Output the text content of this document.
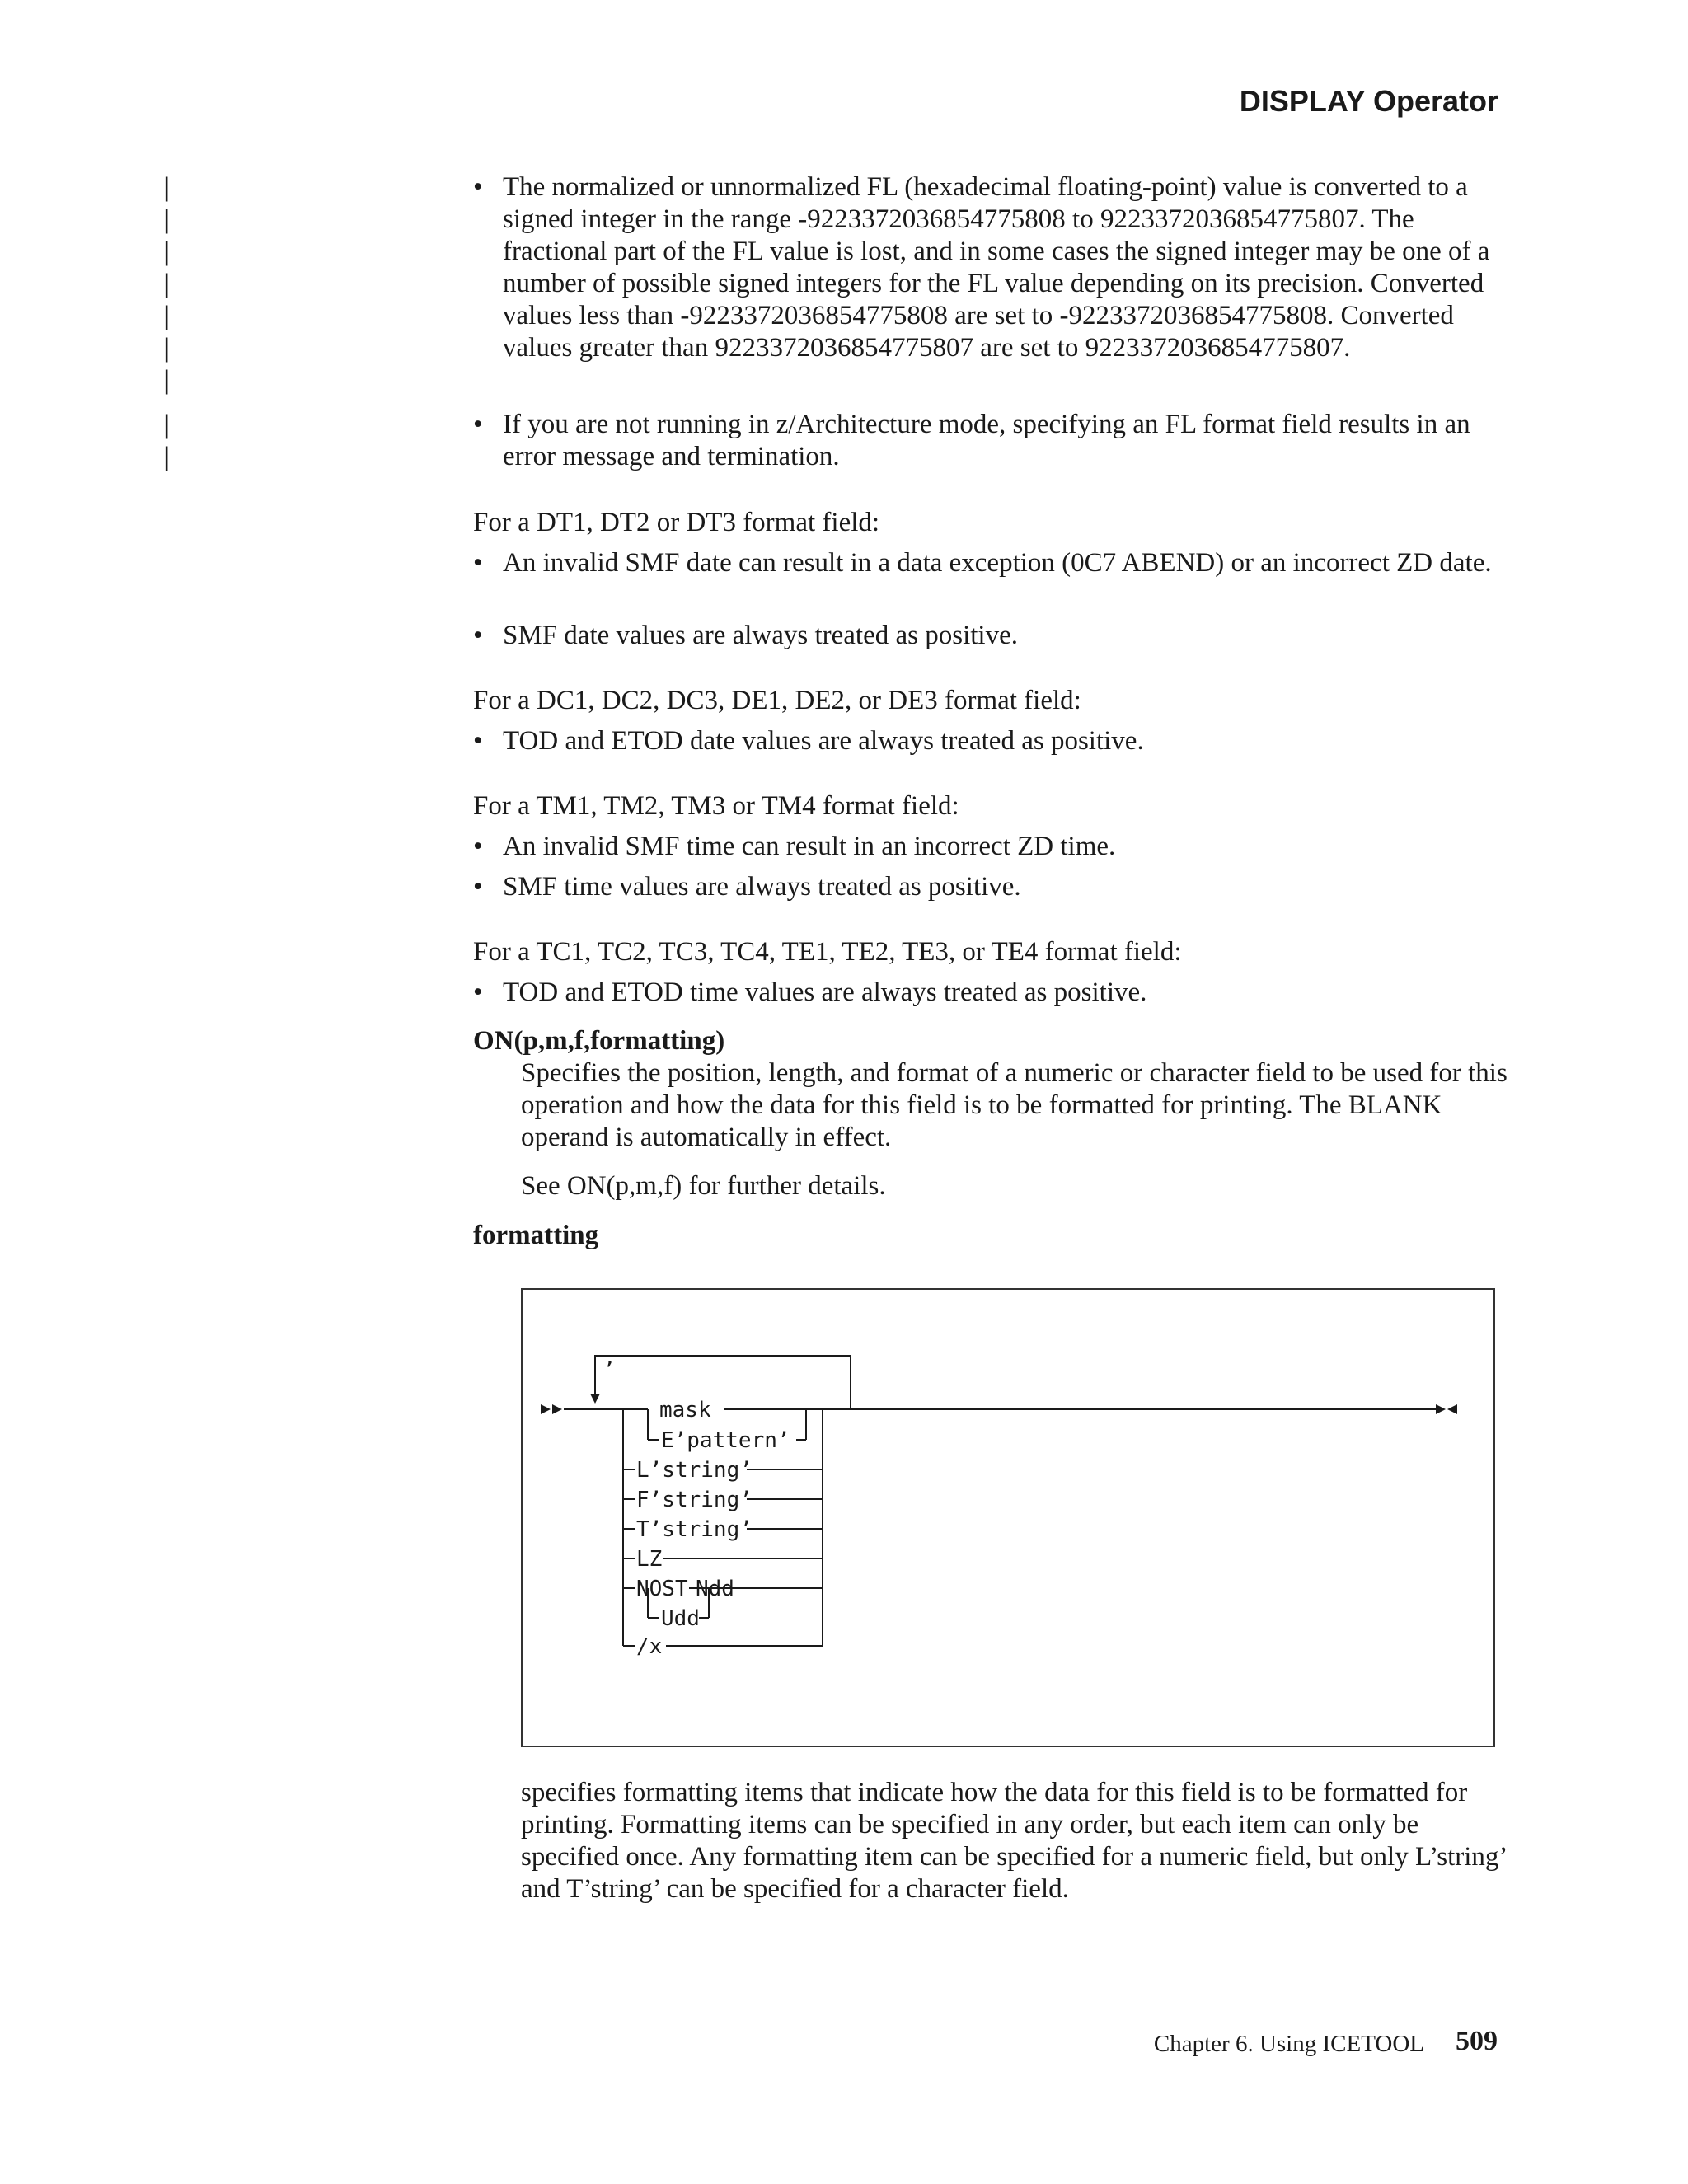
DISPLAY Operator
|
|
|
|
|
|
|
|
|
• The normalized or unnormalized FL (hexadecimal floating-point) value is converted to a signed integer in the range -9223372036854775808 to 9223372036854775807. The fractional part of the FL value is lost, and in some cases the signed integer may be one of a number of possible signed integers for the FL value depending on its precision. Converted values less than -9223372036854775808 are set to -9223372036854775808. Converted values greater than 9223372036854775807 are set to 9223372036854775807.
• If you are not running in z/Architecture mode, specifying an FL format field results in an error message and termination.
For a DT1, DT2 or DT3 format field:
• An invalid SMF date can result in a data exception (0C7 ABEND) or an incorrect ZD date.
• SMF date values are always treated as positive.
For a DC1, DC2, DC3, DE1, DE2, or DE3 format field:
• TOD and ETOD date values are always treated as positive.
For a TM1, TM2, TM3 or TM4 format field:
• An invalid SMF time can result in an incorrect ZD time.
• SMF time values are always treated as positive.
For a TC1, TC2, TC3, TC4, TE1, TE2, TE3, or TE4 format field:
• TOD and ETOD time values are always treated as positive.
ON(p,m,f,formatting)
Specifies the position, length, and format of a numeric or character field to be used for this operation and how the data for this field is to be formatted for printing. The BLANK operand is automatically in effect.
See ON(p,m,f) for further details.
formatting
,
mask
E’pattern’
L’string’
F’string’
T’string’
LZ
NOST Ndd
Udd
/x
specifies formatting items that indicate how the data for this field is to be formatted for printing. Formatting items can be specified in any order, but each item can only be specified once. Any formatting item can be specified for a numeric field, but only L’string’ and T’string’ can be specified for a character field.
Chapter 6. Using ICETOOL 509
